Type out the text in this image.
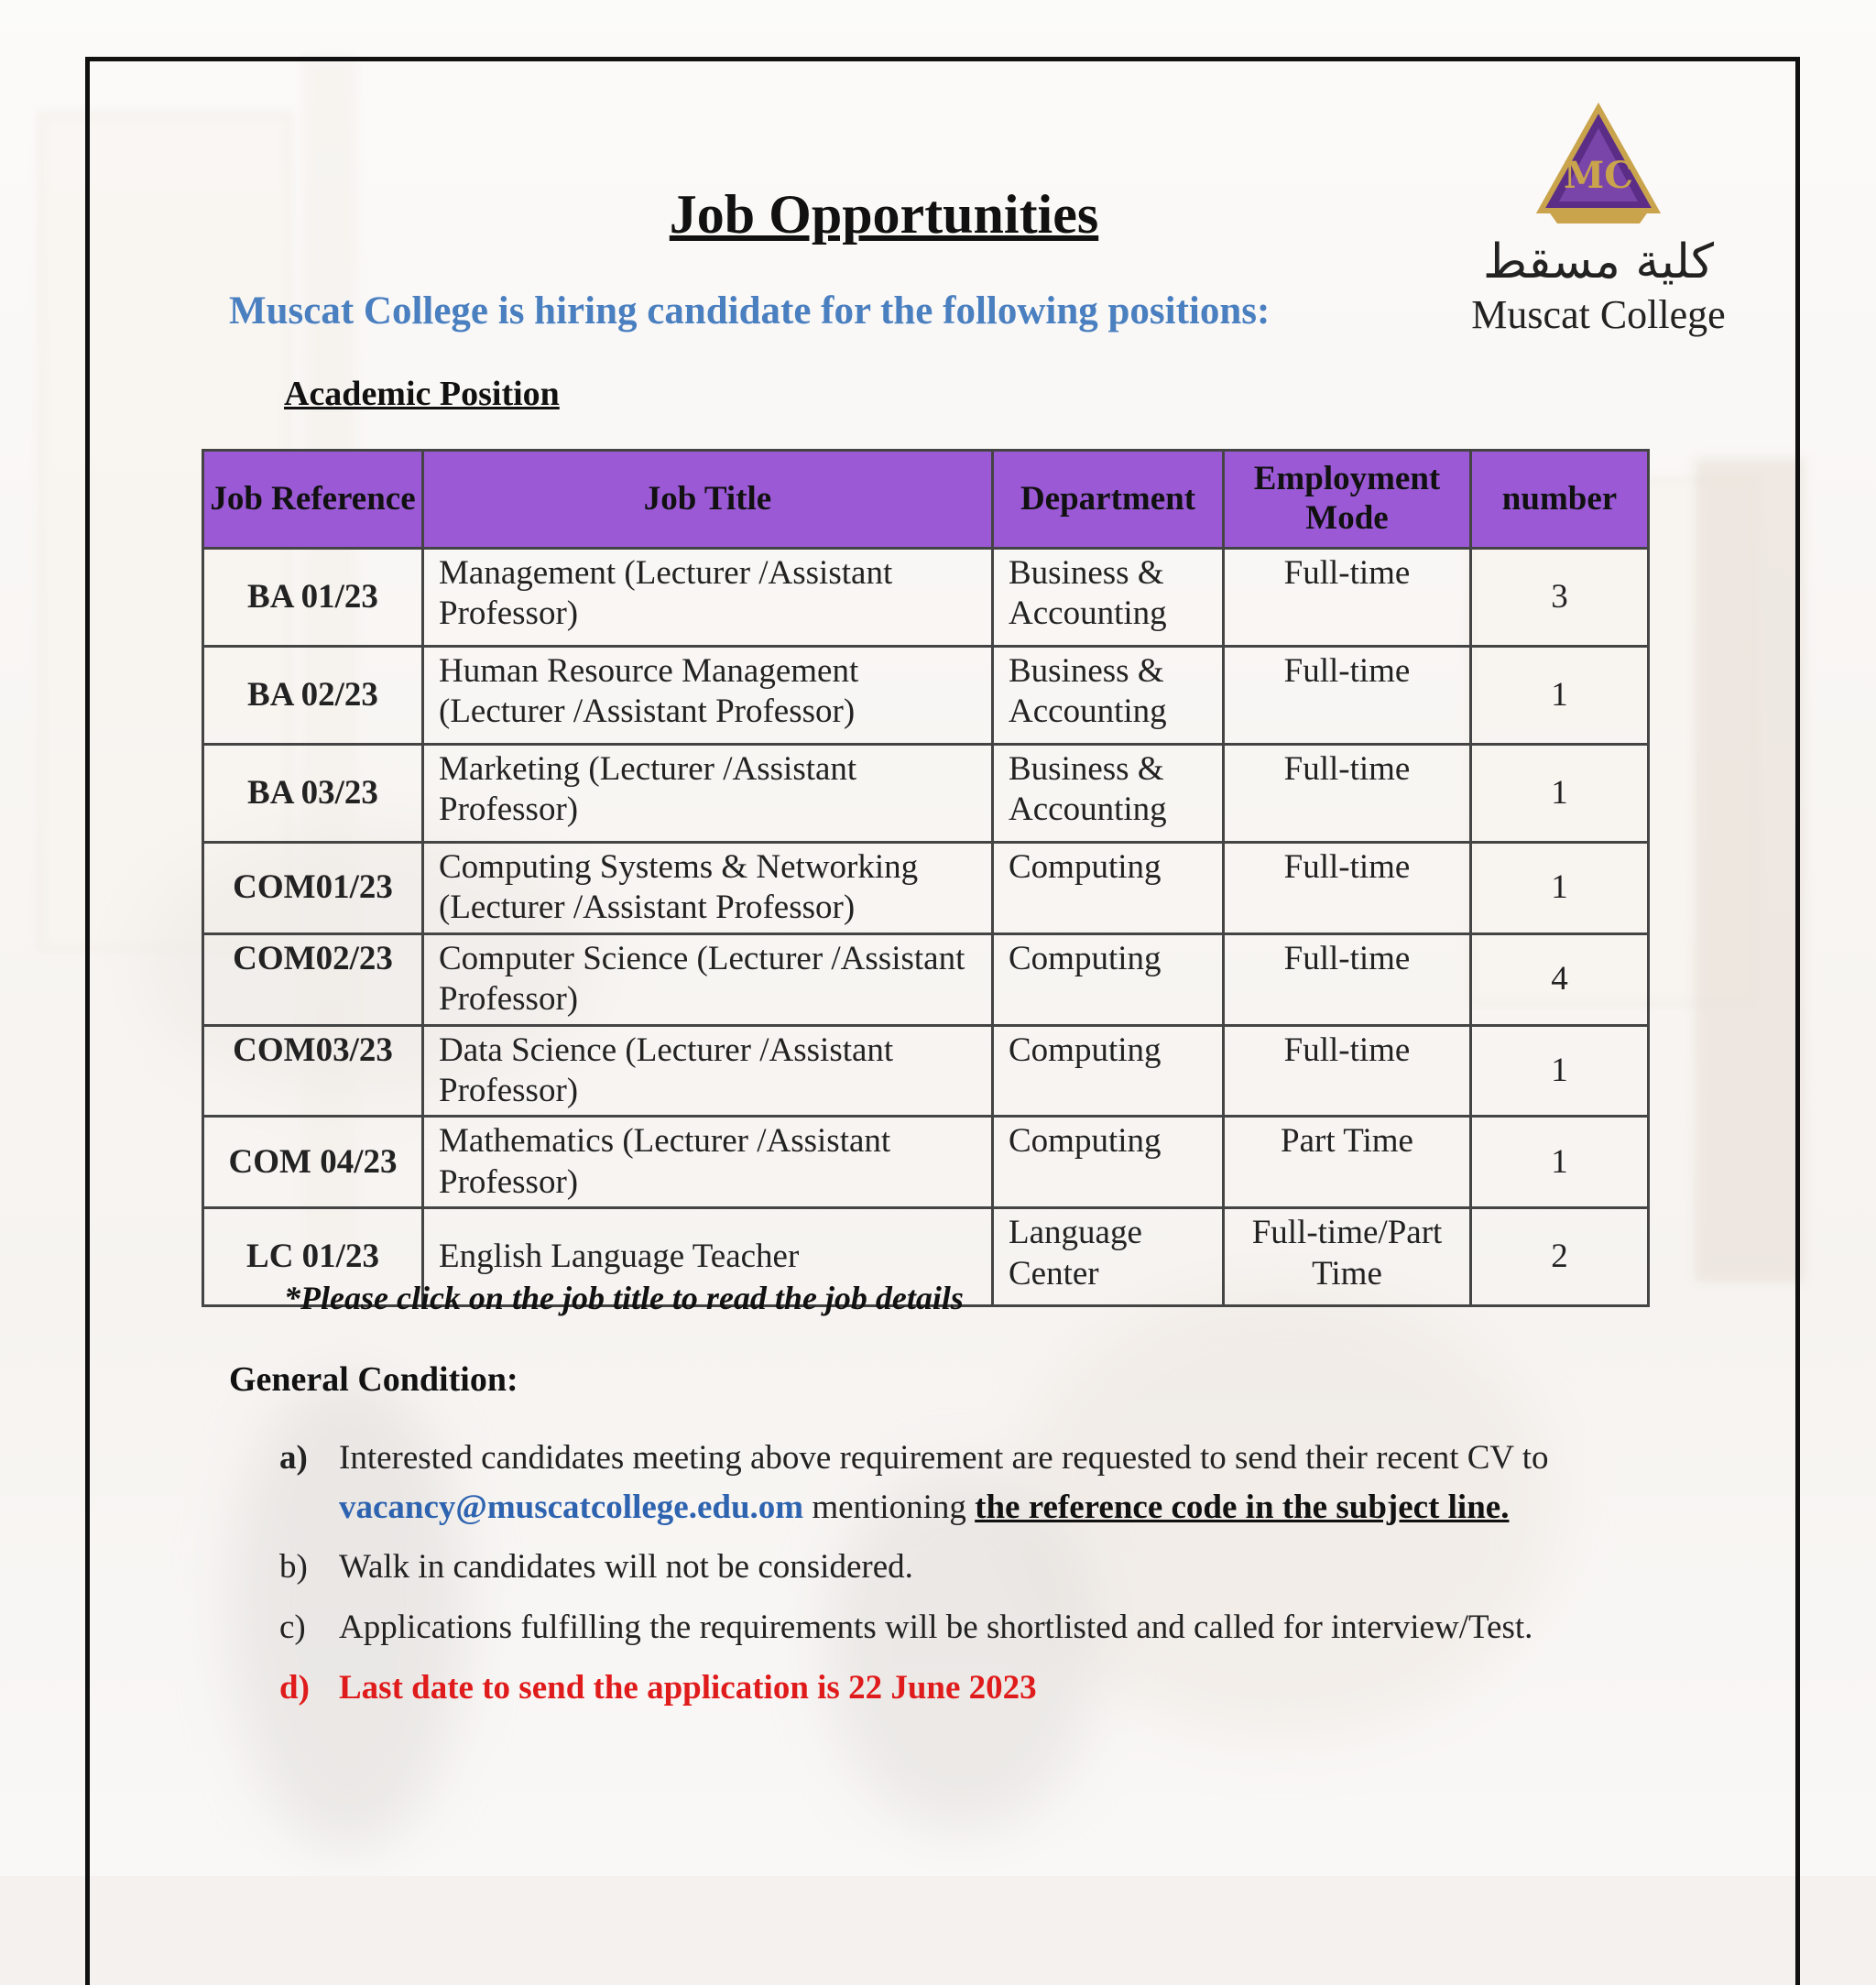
MC
كلية مسقط
Muscat College
Job Opportunities
Muscat College is hiring candidate for the following positions:
Academic Position
Job Reference	Job Title	Department	Employment Mode	number
BA 01/23	Management (Lecturer /Assistant Professor)	Business & Accounting	Full-time	3
BA 02/23	Human Resource Management (Lecturer /Assistant Professor)	Business & Accounting	Full-time	1
BA 03/23	Marketing (Lecturer /Assistant Professor)	Business & Accounting	Full-time	1
COM01/23	Computing Systems & Networking (Lecturer /Assistant Professor)	Computing	Full-time	1
COM02/23	Computer Science (Lecturer /Assistant Professor)	Computing	Full-time	4
COM03/23	Data Science (Lecturer /Assistant Professor)	Computing	Full-time	1
COM 04/23	Mathematics (Lecturer /Assistant Professor)	Computing	Part Time	1
LC 01/23	English Language Teacher	Language Center	Full-time/Part Time	2
*Please click on the job title to read the job details
General Condition:
a) Interested candidates meeting above requirement are requested to send their recent CV to vacancy@muscatcollege.edu.om mentioning the reference code in the subject line.
b) Walk in candidates will not be considered.
c) Applications fulfilling the requirements will be shortlisted and called for interview/Test.
d) Last date to send the application is 22 June 2023
